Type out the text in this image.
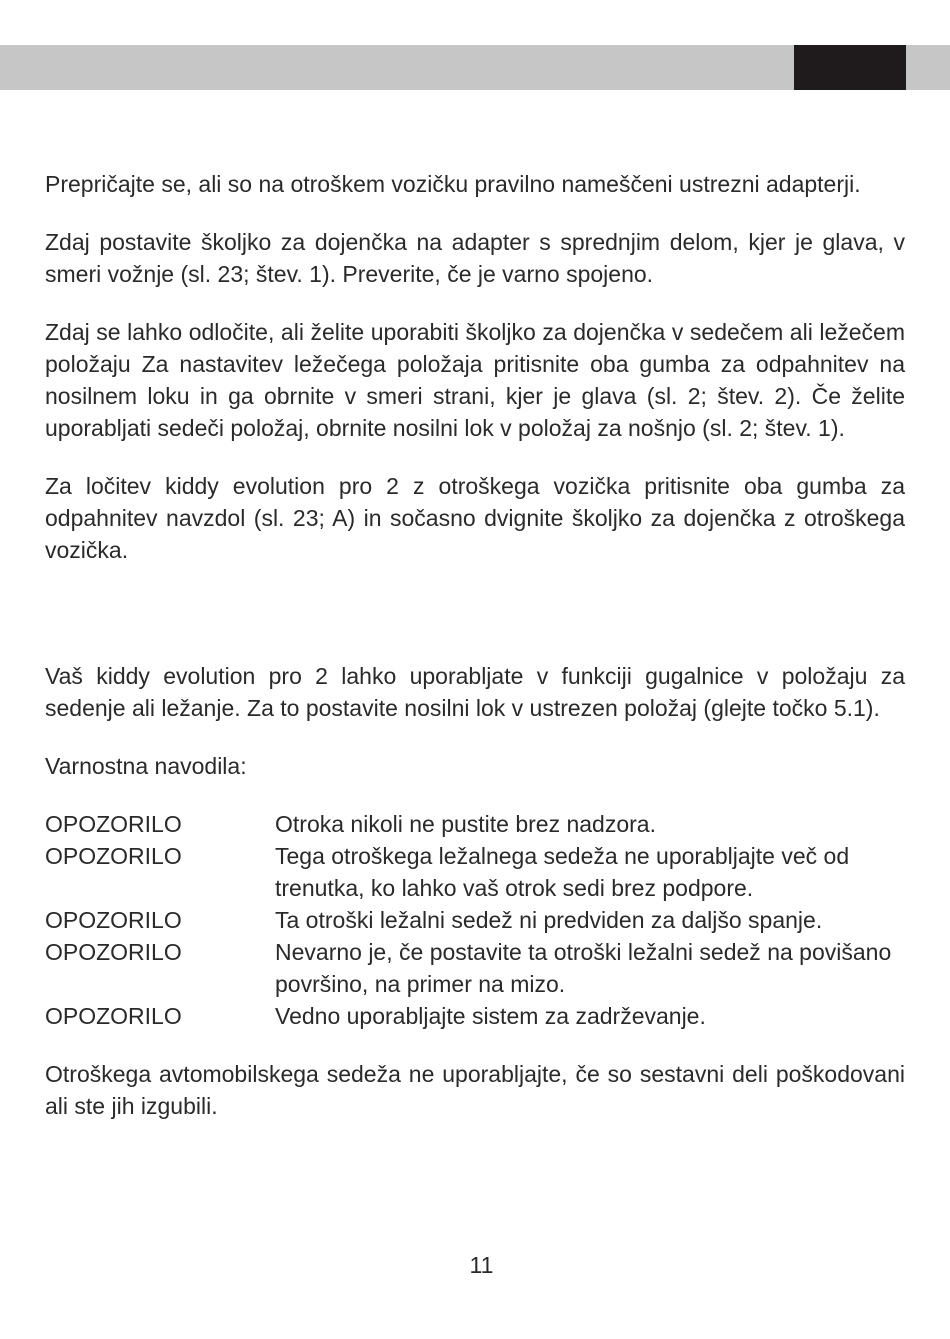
Prepričajte se, ali so na otroškem vozičku pravilno nameščeni ustrezni adapterji.

Zdaj postavite školjko za dojenčka na adapter s sprednjim delom, kjer je glava, v smeri vožnje (sl. 23; štev. 1). Preverite, če je varno spojeno.

Zdaj se lahko odločite, ali želite uporabiti školjko za dojenčka v sedečem ali ležečem položaju Za nastavitev ležečega položaja pritisnite oba gumba za odpahnitev na nosilnem loku in ga obrnite v smeri strani, kjer je glava (sl. 2; štev. 2). Če želite uporabljati sedeči položaj, obrnite nosilni lok v položaj za nošnjo (sl. 2; štev. 1).

Za ločitev kiddy evolution pro 2 z otroškega vozička pritisnite oba gumba za odpahnitev navzdol (sl. 23; A) in sočasno dvignite školjko za dojenčka z otroškega vozička.

Vaš kiddy evolution pro 2 lahko uporabljate v funkciji gugalnice v položaju za sedenje ali ležanje. Za to postavite nosilni lok v ustrezen položaj (glejte točko 5.1).

Varnostna navodila:

OPOZORILO	Otroka nikoli ne pustite brez nadzora.
OPOZORILO	Tega otroškega ležalnega sedeža ne uporabljajte več od trenutka, ko lahko vaš otrok sedi brez podpore.
OPOZORILO	Ta otroški ležalni sedež ni predviden za daljšo spanje.
OPOZORILO	Nevarno je, če postavite ta otroški ležalni sedež na povišano površino, na primer na mizo.
OPOZORILO	Vedno uporabljajte sistem za zadrževanje.

Otroškega avtomobilskega sedeža ne uporabljajte, če so sestavni deli poškodovani ali ste jih izgubili.

11
